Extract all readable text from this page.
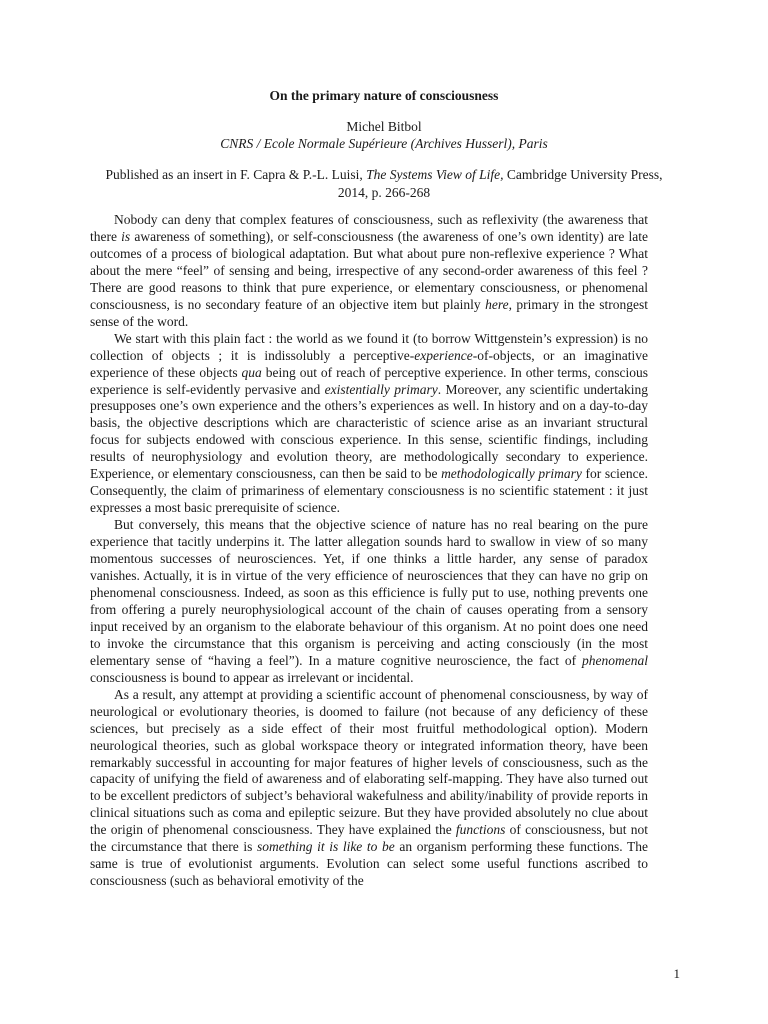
On the primary nature of consciousness
Michel Bitbol
CNRS / Ecole Normale Supérieure (Archives Husserl), Paris
Published as an insert in F. Capra & P.-L. Luisi, The Systems View of Life, Cambridge University Press, 2014, p. 266-268

Nobody can deny that complex features of consciousness, such as reflexivity (the awareness that there is awareness of something), or self-consciousness (the awareness of one’s own identity) are late outcomes of a process of biological adaptation. But what about pure non-reflexive experience ? What about the mere “feel” of sensing and being, irrespective of any second-order awareness of this feel ? There are good reasons to think that pure experience, or elementary consciousness, or phenomenal consciousness, is no secondary feature of an objective item but plainly here, primary in the strongest sense of the word.

We start with this plain fact : the world as we found it (to borrow Wittgenstein’s expression) is no collection of objects ; it is indissolubly a perceptive-experience-of-objects, or an imaginative experience of these objects qua being out of reach of perceptive experience. In other terms, conscious experience is self-evidently pervasive and existentially primary. Moreover, any scientific undertaking presupposes one’s own experience and the others’s experiences as well. In history and on a day-to-day basis, the objective descriptions which are characteristic of science arise as an invariant structural focus for subjects endowed with conscious experience. In this sense, scientific findings, including results of neurophysiology and evolution theory, are methodologically secondary to experience. Experience, or elementary consciousness, can then be said to be methodologically primary for science. Consequently, the claim of primariness of elementary consciousness is no scientific statement : it just expresses a most basic prerequisite of science.

But conversely, this means that the objective science of nature has no real bearing on the pure experience that tacitly underpins it. The latter allegation sounds hard to swallow in view of so many momentous successes of neurosciences. Yet, if one thinks a little harder, any sense of paradox vanishes. Actually, it is in virtue of the very efficience of neurosciences that they can have no grip on phenomenal consciousness. Indeed, as soon as this efficience is fully put to use, nothing prevents one from offering a purely neurophysiological account of the chain of causes operating from a sensory input received by an organism to the elaborate behaviour of this organism. At no point does one need to invoke the circumstance that this organism is perceiving and acting consciously (in the most elementary sense of “having a feel”). In a mature cognitive neuroscience, the fact of phenomenal consciousness is bound to appear as irrelevant or incidental.

As a result, any attempt at providing a scientific account of phenomenal consciousness, by way of neurological or evolutionary theories, is doomed to failure (not because of any deficiency of these sciences, but precisely as a side effect of their most fruitful methodological option). Modern neurological theories, such as global workspace theory or integrated information theory, have been remarkably successful in accounting for major features of higher levels of consciousness, such as the capacity of unifying the field of awareness and of elaborating self-mapping. They have also turned out to be excellent predictors of subject’s behavioral wakefulness and ability/inability of provide reports in clinical situations such as coma and epileptic seizure. But they have provided absolutely no clue about the origin of phenomenal consciousness. They have explained the functions of consciousness, but not the circumstance that there is something it is like to be an organism performing these functions. The same is true of evolutionist arguments. Evolution can select some useful functions ascribed to consciousness (such as behavioral emotivity of the

1
